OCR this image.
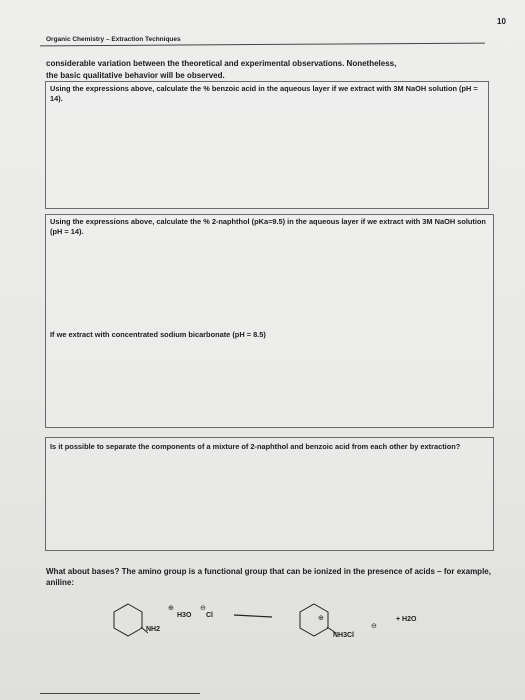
10
Organic Chemistry – Extraction Techniques
considerable variation between the theoretical and experimental observations. Nonetheless,
the basic qualitative behavior will be observed.
Using the expressions above, calculate the % benzoic acid in the aqueous layer if we extract with 3M NaOH solution (pH = 14).
Using the expressions above, calculate the % 2-naphthol (pKa=9.5) in the aqueous layer if we extract with 3M NaOH solution (pH = 14).
If we extract with concentrated sodium bicarbonate (pH = 8.5)
Is it possible to separate the components of a mixture of 2-naphthol and benzoic acid from each other by extraction?
What about bases? The amino group is a functional group that can be ionized in the presence of acids – for example, aniline:
NH2
⊕
H3O
⊖
Cl	⊕
NH3Cl
⊖
+ H2O
